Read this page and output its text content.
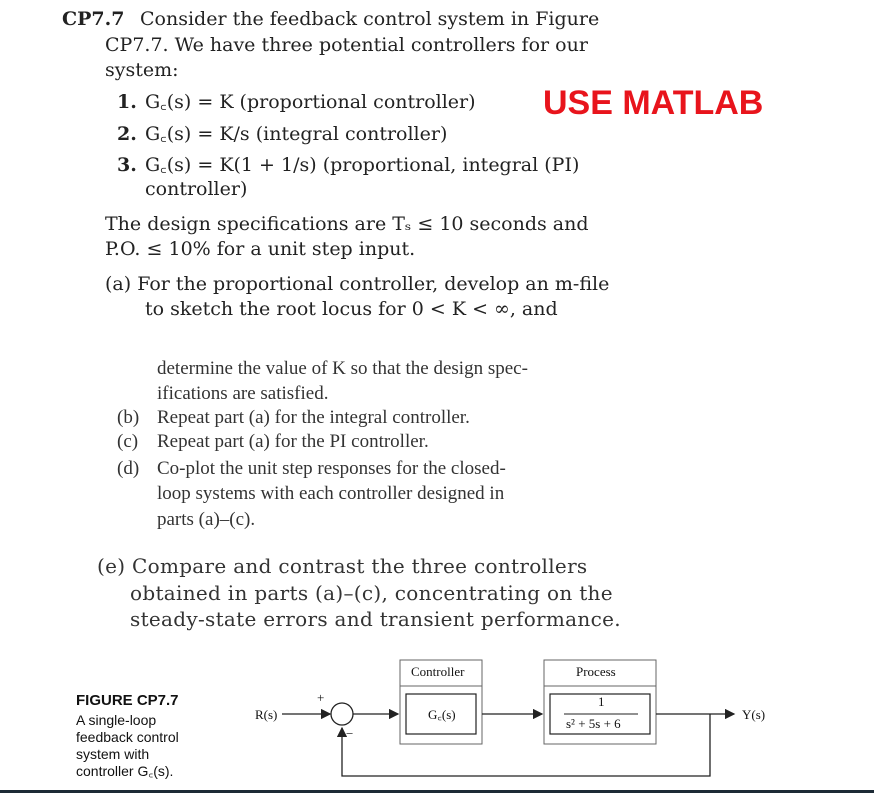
CP7.7 Consider the feedback control system in Figure
CP7.7. We have three potential controllers for our
system:
1. G꜀(s) = K (proportional controller)
2. G꜀(s) = K/s (integral controller)
3. G꜀(s) = K(1 + 1/s) (proportional, integral (PI)
controller)
USE MATLAB
The design specifications are Tₛ ≤ 10 seconds and
P.O. ≤ 10% for a unit step input.
(a) For the proportional controller, develop an m-file
to sketch the root locus for 0 < K < ∞, and
determine the value of K so that the design spec-
ifications are satisfied.
(b) Repeat part (a) for the integral controller.
(c) Repeat part (a) for the PI controller.
(d) Co-plot the unit step responses for the closed-
loop systems with each controller designed in
parts (a)–(c).
(e) Compare and contrast the three controllers
obtained in parts (a)–(c), concentrating on the
steady-state errors and transient performance.
FIGURE CP7.7
A single-loop
feedback control
system with
controller G꜀(s).
R(s)
+
−
Controller
G꜀(s)
Process
1
s² + 5s + 6
Y(s)
